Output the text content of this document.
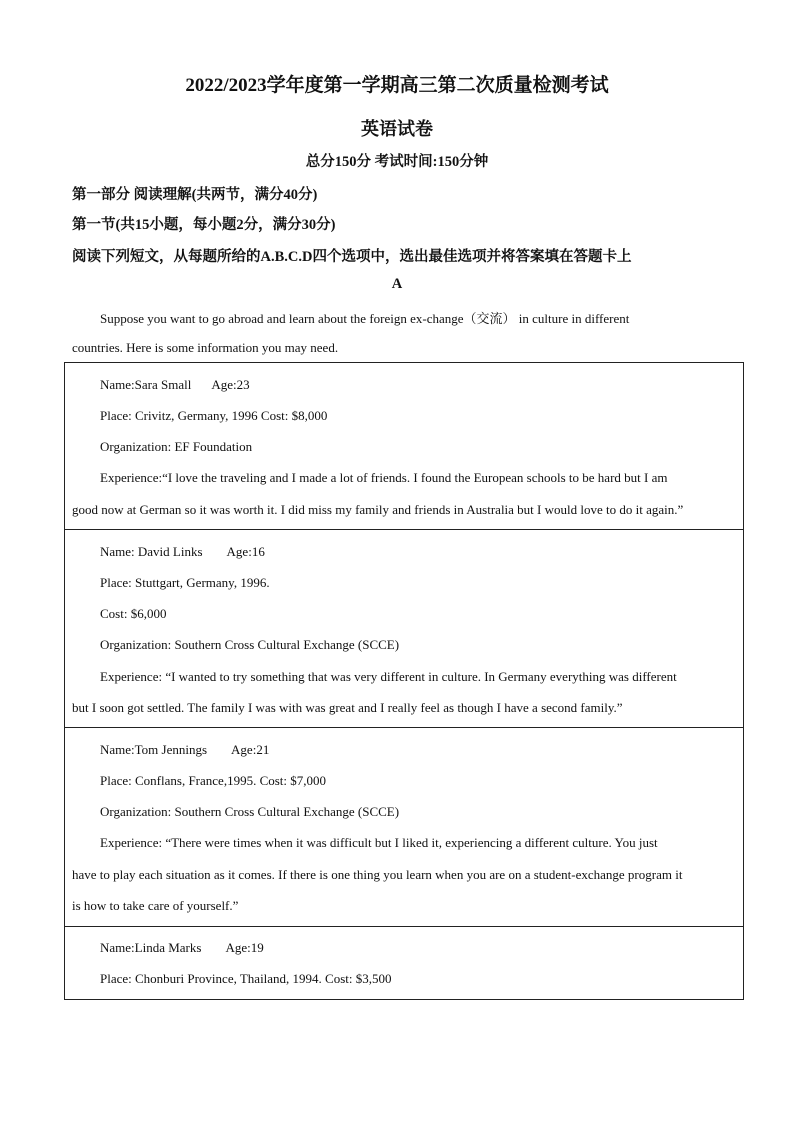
2022/2023学年度第一学期高三第二次质量检测考试
英语试卷
总分150分 考试时间:150分钟
第一部分 阅读理解(共两节，满分40分)
第一节(共15小题，每小题2分，满分30分)
阅读下列短文，从每题所给的A.B.C.D四个选项中，选出最佳选项并将答案填在答题卡上
A
Suppose you want to go abroad and learn about the foreign ex-change（交流） in culture in different
countries. Here is some information you may need.
Name:Sara Small Age:23
Place: Crivitz, Germany, 1996 Cost: $8,000
Organization: EF Foundation
Experience:“I love the traveling and I made a lot of friends. I found the European schools to be hard but I am
good now at German so it was worth it. I did miss my family and friends in Australia but I would love to do it again.”
Name: David Links Age:16
Place: Stuttgart, Germany, 1996.
Cost: $6,000
Organization: Southern Cross Cultural Exchange (SCCE)
Experience: “I wanted to try something that was very different in culture. In Germany everything was different
but I soon got settled. The family I was with was great and I really feel as though I have a second family.”
Name:Tom Jennings Age:21
Place: Conflans, France,1995. Cost: $7,000
Organization: Southern Cross Cultural Exchange (SCCE)
Experience: “There were times when it was difficult but I liked it, experiencing a different culture. You just
have to play each situation as it comes. If there is one thing you learn when you are on a student-exchange program it
is how to take care of yourself.”
Name:Linda Marks Age:19
Place: Chonburi Province, Thailand, 1994. Cost: $3,500
